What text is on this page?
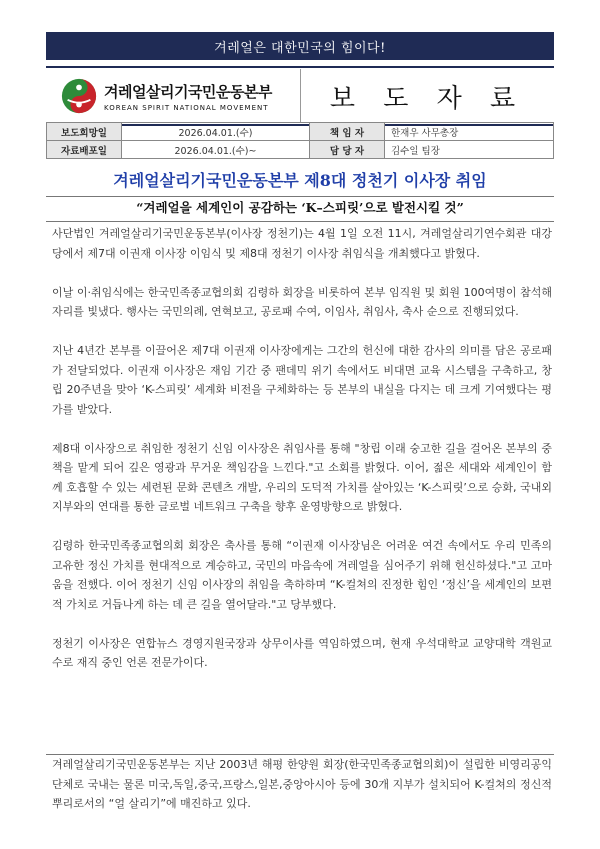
겨레얼은 대한민국의 힘이다!
겨레얼살리기국민운동본부
KOREAN SPIRIT NATIONAL MOVEMENT	보 도 자 료
보도희망일	2026.04.01.(수)	책 임 자	한재우 사무총장
자료배포일	2026.04.01.(수)~	담 당 자	김수일 팀장
겨레얼살리기국민운동본부 제8대 정천기 이사장 취임
“겨레얼을 세계인이 공감하는 ‘K–스피릿’으로 발전시킬 것”

사단법인 겨레얼살리기국민운동본부(이사장 정천기)는 4월 1일 오전 11시, 겨레얼살리기연수회관 대강당에서 제7대 이권재 이사장 이임식 및 제8대 정천기 이사장 취임식을 개최했다고 밝혔다.

이날 이·취임식에는 한국민족종교협의회 김령하 회장을 비롯하여 본부 임직원 및 회원 100여명이 참석해 자리를 빛냈다. 행사는 국민의례, 연혁보고, 공로패 수여, 이임사, 취임사, 축사 순으로 진행되었다.

지난 4년간 본부를 이끌어온 제7대 이권재 이사장에게는 그간의 헌신에 대한 감사의 의미를 담은 공로패가 전달되었다. 이권재 이사장은 재임 기간 중 팬데믹 위기 속에서도 비대면 교육 시스템을 구축하고, 창립 20주년을 맞아 ‘K-스피릿’ 세계화 비전을 구체화하는 등 본부의 내실을 다지는 데 크게 기여했다는 평가를 받았다.

제8대 이사장으로 취임한 정천기 신임 이사장은 취임사를 통해 "창립 이래 숭고한 길을 걸어온 본부의 중책을 맡게 되어 깊은 영광과 무거운 책임감을 느낀다."고 소회를 밝혔다. 이어, 젊은 세대와 세계인이 함께 호흡할 수 있는 세련된 문화 콘텐츠 개발, 우리의 도덕적 가치를 살아있는 ‘K-스피릿’으로 승화, 국내외 지부와의 연대를 통한 글로벌 네트워크 구축을 향후 운영방향으로 밝혔다.

김령하 한국민족종교협의회 회장은 축사를 통해 “이권재 이사장님은 어려운 여건 속에서도 우리 민족의 고유한 정신 가치를 현대적으로 계승하고, 국민의 마음속에 겨레얼을 심어주기 위해 헌신하셨다."고 고마움을 전했다. 이어 정천기 신임 이사장의 취임을 축하하며 “K-컬쳐의 진정한 힘인 ‘정신’을 세계인의 보편적 가치로 거듭나게 하는 데 큰 길을 열어달라."고 당부했다.

정천기 이사장은 연합뉴스 경영지원국장과 상무이사를 역임하였으며, 현재 우석대학교 교양대학 객원교수로 재직 중인 언론 전문가이다.

겨레얼살리기국민운동본부는 지난 2003년 해평 한양원 회장(한국민족종교협의회)이 설립한 비영리공익단체로 국내는 물론 미국,독일,중국,프랑스,일본,중앙아시아 등에 30개 지부가 설치되어 K-컬쳐의 정신적 뿌리로서의 “얼 살리기”에 매진하고 있다.
